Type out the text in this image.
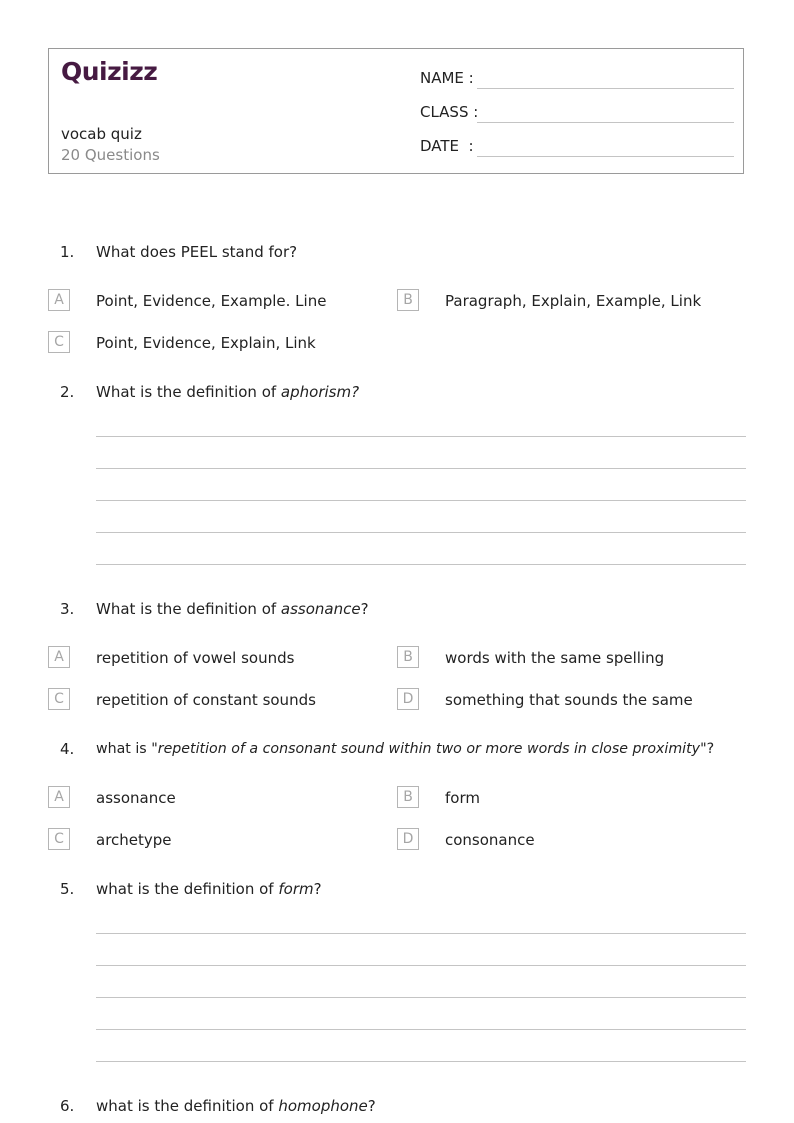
Quizizz
vocab quiz
20 Questions
NAME :
CLASS :
DATE  :
1. What does PEEL stand for?
A	Point, Evidence, Example. Line	B	Paragraph, Explain, Example, Link
C	Point, Evidence, Explain, Link
2. What is the definition of aphorism?
3. What is the definition of assonance?
A	repetition of vowel sounds	B	words with the same spelling
C	repetition of constant sounds	D	something that sounds the same
4. what is "repetition of a consonant sound within two or more words in close proximity"?
A	assonance	B	form
C	archetype	D	consonance
5. what is the definition of form?
6. what is the definition of homophone?
